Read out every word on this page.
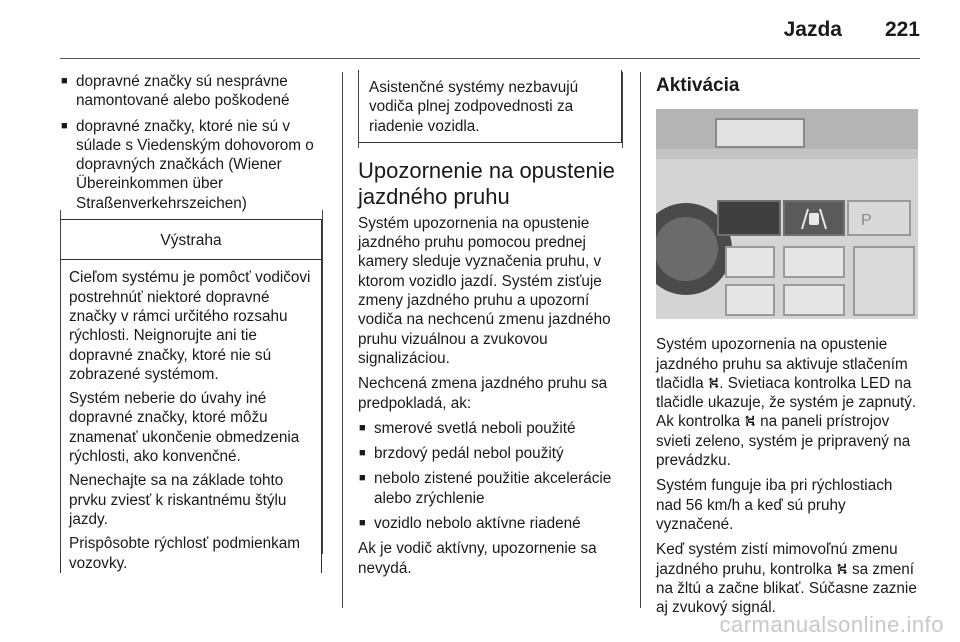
Jazda 221
■ dopravné značky sú nesprávne namontované alebo poškodené
■ dopravné značky, ktoré nie sú v súlade s Viedenským dohovorom o dopravných značkách (Wiener Übereinkommen über Straßenverkehrszeichen)
Výstraha

Cieľom systému je pomôcť vodičovi postrehnúť niektoré dopravné značky v rámci určitého rozsahu rýchlosti. Neignorujte ani tie dopravné značky, ktoré nie sú zobrazené systémom.

Systém neberie do úvahy iné dopravné značky, ktoré môžu znamenať ukončenie obmedzenia rýchlosti, ako konvenčné.

Nenechajte sa na základe tohto prvku zviesť k riskantnému štýlu jazdy.

Prispôsobte rýchlosť podmienkam vozovky.

Asistenčné systémy nezbavujú vodiča plnej zodpovednosti za riadenie vozidla.
Upozornenie na opustenie jazdného pruhu

Systém upozornenia na opustenie jazdného pruhu pomocou prednej kamery sleduje vyznačenia pruhu, v ktorom vozidlo jazdí. Systém zisťuje zmeny jazdného pruhu a upozorní vodiča na nechcenú zmenu jazdného pruhu vizuálnou a zvukovou signalizáciou.

Nechcená zmena jazdného pruhu sa predpokladá, ak:

■ smerové svetlá neboli použité
■ brzdový pedál nebol použitý
■ nebolo zistené použitie akcelerácie alebo zrýchlenie
■ vozidlo nebolo aktívne riadené

Ak je vodič aktívny, upozornenie sa nevydá.

Aktivácia
P

Systém upozornenia na opustenie jazdného pruhu sa aktivuje stlačením tlačidla ⛕. Svietiaca kontrolka LED na tlačidle ukazuje, že systém je zapnutý. Ak kontrolka ⛕ na paneli prístrojov svieti zeleno, systém je pripravený na prevádzku.

Systém funguje iba pri rýchlostiach nad 56 km/h a keď sú pruhy vyznačené.

Keď systém zistí mimovoľnú zmenu jazdného pruhu, kontrolka ⛕ sa zmení na žltú a začne blikať. Súčasne zaznie aj zvukový signál.

carmanualsonline.info
